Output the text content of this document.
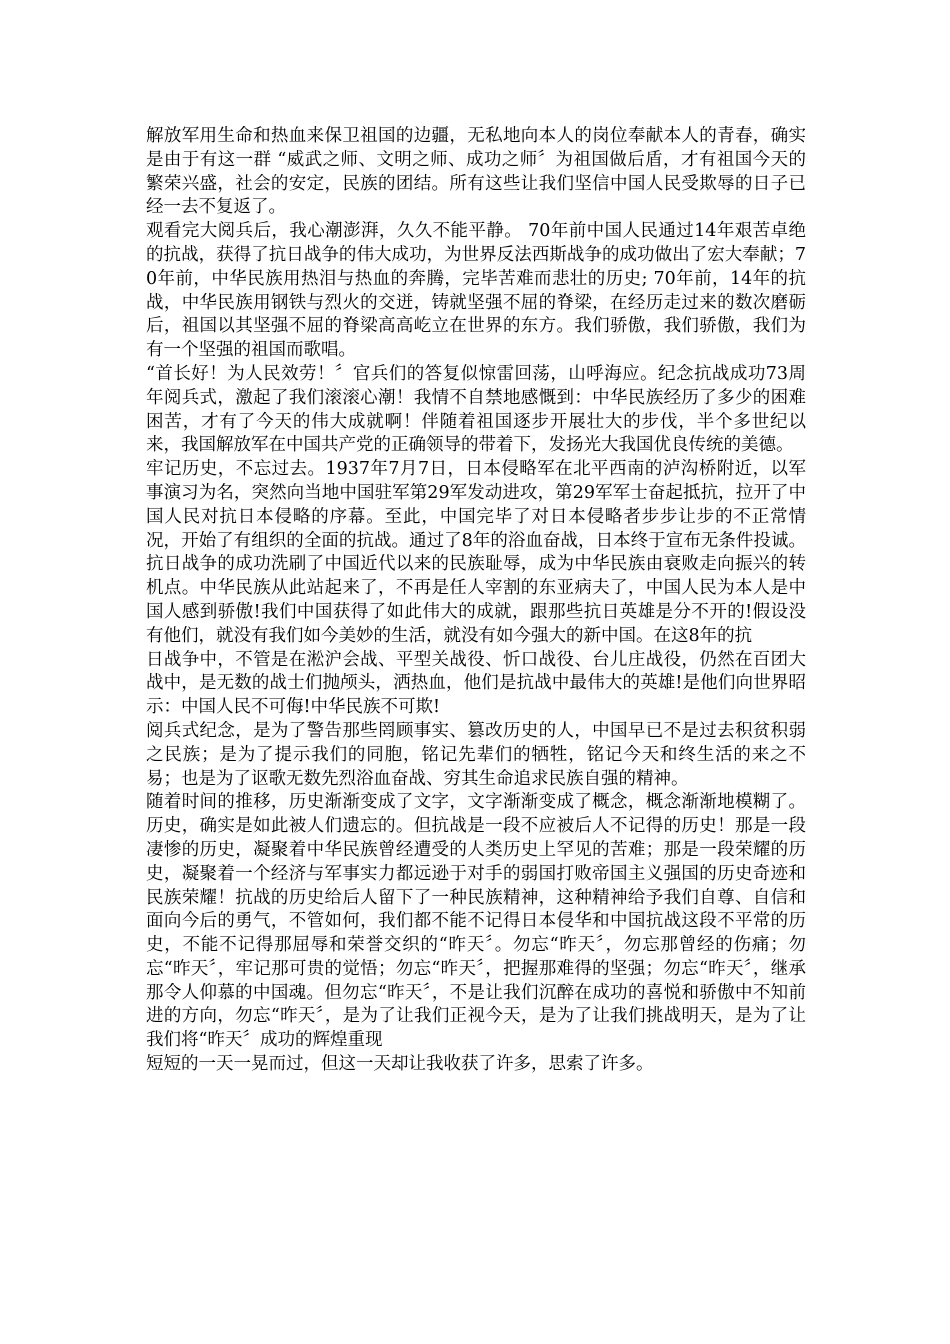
解放军用生命和热血来保卫祖国的边疆，无私地向本人的岗位奉献本人的青春，确实是由于有这一群 “威武之师、文明之师、成功之师〞为祖国做后盾，才有祖国今天的繁荣兴盛，社会的安定，民族的团结。所有这些让我们坚信中国人民受欺辱的日子已经一去不复返了。

观看完大阅兵后，我心潮澎湃，久久不能平静。 70年前中国人民通过14年艰苦卓绝的抗战，获得了抗日战争的伟大成功，为世界反法西斯战争的成功做出了宏大奉献；70年前，中华民族用热泪与热血的奔腾，完毕苦难而悲壮的历史; 70年前，14年的抗战，中华民族用钢铁与烈火的交迸，铸就坚强不屈的脊梁，在经历走过来的数次磨砺后，祖国以其坚强不屈的脊梁高高屹立在世界的东方。我们骄傲，我们骄傲，我们为有一个坚强的祖国而歌唱。

“首长好！为人民效劳！〞官兵们的答复似惊雷回荡，山呼海应。纪念抗战成功73周年阅兵式，激起了我们滚滚心潮！我情不自禁地感慨到：中华民族经历了多少的困难困苦，才有了今天的伟大成就啊！伴随着祖国逐步开展壮大的步伐，半个多世纪以来，我国解放军在中国共产党的正确领导的带着下，发扬光大我国优良传统的美德。

牢记历史，不忘过去。1937年7月7日，日本侵略军在北平西南的泸沟桥附近，以军事演习为名，突然向当地中国驻军第29军发动进攻，第29军军士奋起抵抗，拉开了中国人民对抗日本侵略的序幕。至此，中国完毕了对日本侵略者步步让步的不正常情况，开始了有组织的全面的抗战。通过了8年的浴血奋战，日本终于宣布无条件投诚。抗日战争的成功洗刷了中国近代以来的民族耻辱，成为中华民族由衰败走向振兴的转机点。中华民族从此站起来了，不再是任人宰割的东亚病夫了，中国人民为本人是中国人感到骄傲!我们中国获得了如此伟大的成就，跟那些抗日英雄是分不开的!假设没有他们，就没有我们如今美妙的生活，就没有如今强大的新中国。在这8年的抗

日战争中，不管是在淞沪会战、平型关战役、忻口战役、台儿庄战役，仍然在百团大战中，是无数的战士们抛颅头，洒热血，他们是抗战中最伟大的英雄!是他们向世界昭示：中国人民不可侮!中华民族不可欺!

阅兵式纪念，是为了警告那些罔顾事实、篡改历史的人，中国早已不是过去积贫积弱之民族；是为了提示我们的同胞，铭记先辈们的牺牲，铭记今天和终生活的来之不易；也是为了讴歌无数先烈浴血奋战、穷其生命追求民族自强的精神。

随着时间的推移，历史渐渐变成了文字，文字渐渐变成了概念，概念渐渐地模糊了。历史，确实是如此被人们遗忘的。但抗战是一段不应被后人不记得的历史！那是一段凄惨的历史，凝聚着中华民族曾经遭受的人类历史上罕见的苦难；那是一段荣耀的历史，凝聚着一个经济与军事实力都远逊于对手的弱国打败帝国主义强国的历史奇迹和民族荣耀！抗战的历史给后人留下了一种民族精神，这种精神给予我们自尊、自信和面向今后的勇气，不管如何，我们都不能不记得日本侵华和中国抗战这段不平常的历史，不能不记得那屈辱和荣誉交织的“昨天〞。勿忘“昨天〞，勿忘那曾经的伤痛；勿忘“昨天〞，牢记那可贵的觉悟；勿忘“昨天〞，把握那难得的坚强；勿忘“昨天〞，继承那令人仰慕的中国魂。但勿忘“昨天〞，不是让我们沉醉在成功的喜悦和骄傲中不知前进的方向，勿忘“昨天〞，是为了让我们正视今天，是为了让我们挑战明天，是为了让我们将“昨天〞成功的辉煌重现

短短的一天一晃而过，但这一天却让我收获了许多，思索了许多。
